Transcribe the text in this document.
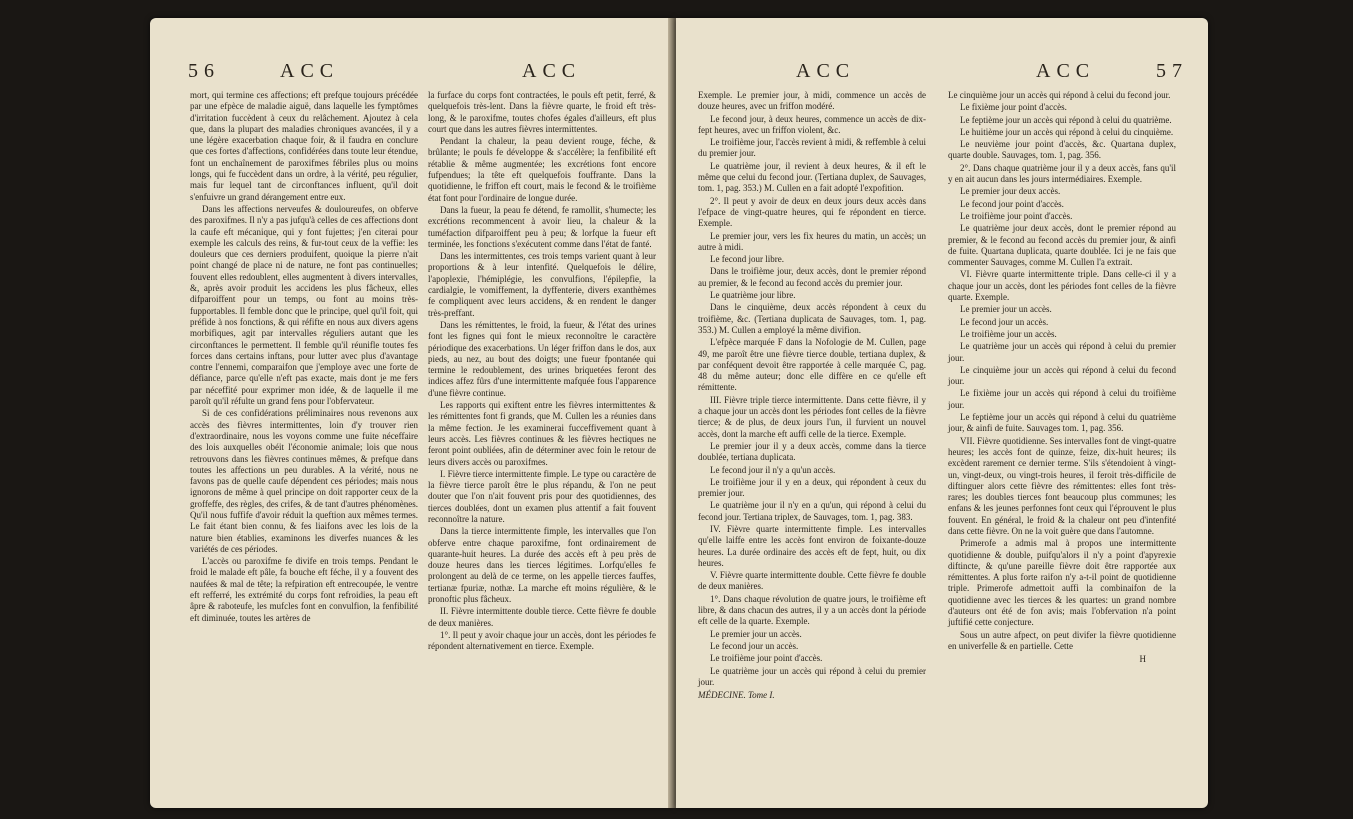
56	ACC	ACC

mort, qui termine ces affections; eft prefque toujours précédée par une efpèce de maladie aiguë, dans laquelle les fymptômes d'irritation fuccèdent à ceux du relâchement. Ajoutez à cela que, dans la plupart des maladies chroniques avancées, il y a une légère exacerbation chaque foir, & il faudra en conclure que ces fortes d'affections, confidérées dans toute leur étendue, font un enchaînement de paroxifmes fébriles plus ou moins longs, qui fe fuccèdent dans un ordre, à la vérité, peu régulier, mais fur lequel tant de circonftances influent, qu'il doit s'enfuivre un grand dérangement entre eux.

Dans les affections nerveufes & douloureufes, on obferve des paroxifmes. Il n'y a pas jufqu'à celles de ces affections dont la caufe eft mécanique, qui y font fujettes; j'en citerai pour exemple les calculs des reins, & fur-tout ceux de la veffie: les douleurs que ces derniers produifent, quoique la pierre n'ait point changé de place ni de nature, ne font pas continuelles; fouvent elles redoublent, elles augmentent à divers intervalles, &, après avoir produit les accidens les plus fâcheux, elles difparoiffent pour un temps, ou font au moins très-fupportables. Il femble donc que le principe, quel qu'il foit, qui préfide à nos fonctions, & qui réfifte en nous aux divers agens morbifiques, agit par intervalles réguliers autant que les circonftances le permettent. Il femble qu'il réunifle toutes fes forces dans certains inftans, pour lutter avec plus d'avantage contre l'ennemi, comparaifon que j'employe avec une forte de défiance, parce qu'elle n'eft pas exacte, mais dont je me fers par néceffité pour exprimer mon idée, & de laquelle il me paroît qu'il réfulte un grand fens pour l'obfervateur.

Si de ces confidérations préliminaires nous revenons aux accès des fièvres intermittentes, loin d'y trouver rien d'extraordinaire, nous les voyons comme une fuite néceffaire des lois auxquelles obéit l'économie animale; lois que nous retrouvons dans les fièvres continues mêmes, & prefque dans toutes les affections un peu durables. A la vérité, nous ne favons pas de quelle caufe dépendent ces périodes; mais nous ignorons de même à quel principe on doit rapporter ceux de la groffeffe, des règles, des crifes, & de tant d'autres phénomènes. Qu'il nous fuffife d'avoir réduit la queftion aux mêmes termes. Le fait étant bien connu, & fes liaifons avec les lois de la nature bien établies, examinons les diverfes nuances & les variétés de ces périodes.

L'accès ou paroxifme fe divife en trois temps. Pendant le froid le malade eft pâle, fa bouche eft féche, il y a fouvent des naufées & mal de tête; la refpiration eft entrecoupée, le ventre eft refferré, les extrémité du corps font refroidies, la peau eft âpre & raboteufe, les mufcles font en convulfion, la fenfibilité eft diminuée, toutes les artères de

la furface du corps font contractées, le pouls eft petit, ferré, & quelquefois très-lent. Dans la fièvre quarte, le froid eft très-long, & le paroxifme, toutes chofes égales d'ailleurs, eft plus court que dans les autres fièvres intermittentes.

Pendant la chaleur, la peau devient rouge, féche, & brûlante; le pouls fe développe & s'accélère; la fenfibilité eft rétablie & même augmentée; les excrétions font encore fufpendues; la tête eft quelquefois fouffrante. Dans la quotidienne, le friffon eft court, mais le fecond & le troifième état font pour l'ordinaire de longue durée.

Dans la fueur, la peau fe détend, fe ramollit, s'humecte; les excrétions recommencent à avoir lieu, la chaleur & la tuméfaction difparoiffent peu à peu; & lorfque la fueur eft terminée, les fonctions s'exécutent comme dans l'état de fanté.

Dans les intermittentes, ces trois temps varient quant à leur proportions & à leur intenfité. Quelquefois le délire, l'apoplexie, l'hémiplégie, les convulfions, l'épilepfie, la cardialgie, le vomiffement, la dyffenterie, divers exanthèmes fe compliquent avec leurs accidens, & en rendent le danger très-preffant.

Dans les rémittentes, le froid, la fueur, & l'état des urines font les fignes qui font le mieux reconnoître le caractère périodique des exacerbations. Un léger friffon dans le dos, aux pieds, au nez, au bout des doigts; une fueur fpontanée qui termine le redoublement, des urines briquetées feront des indices affez fûrs d'une intermittente mafquée fous l'apparence d'une fièvre continue.

Les rapports qui exiftent entre les fièvres intermittentes & les rémittentes font fi grands, que M. Cullen les a réunies dans la même fection. Je les examinerai fucceffivement quant à leurs accès. Les fièvres continues & les fièvres hectiques ne feront point oubliées, afin de déterminer avec foin le retour de leurs divers accès ou paroxifmes.

I. Fièvre tierce intermittente fimple. Le type ou caractère de la fièvre tierce paroît être le plus répandu, & l'on ne peut douter que l'on n'ait fouvent pris pour des quotidiennes, des tierces doublées, dont un examen plus attentif a fait fouvent reconnoître la nature.

Dans la tierce intermittente fimple, les intervalles que l'on obferve entre chaque paroxifme, font ordinairement de quarante-huit heures. La durée des accès eft à peu près de douze heures dans les tierces légitimes. Lorfqu'elles fe prolongent au delà de ce terme, on les appelle tierces fauffes, tertianæ fpuriæ, nothæ. La marche eft moins régulière, & le pronoftic plus fâcheux.

II. Fièvre intermittente double tierce. Cette fièvre fe double de deux manières.

1°. Il peut y avoir chaque jour un accès, dont les périodes fe répondent alternativement en tierce. Exemple.

ACC	ACC	57

Exemple. Le premier jour, à midi, commence un accès de douze heures, avec un friffon modéré.

Le fecond jour, à deux heures, commence un accès de dix-fept heures, avec un friffon violent, &c.

Le troifième jour, l'accès revient à midi, & reffemble à celui du premier jour.

Le quatrième jour, il revient à deux heures, & il eft le même que celui du fecond jour. (Tertiana duplex, de Sauvages, tom. 1, pag. 353.) M. Cullen en a fait adopté l'expofition.

2°. Il peut y avoir de deux en deux jours deux accès dans l'efpace de vingt-quatre heures, qui fe répondent en tierce. Exemple.

Le premier jour, vers les fix heures du matin, un accès; un autre à midi.

Le fecond jour libre.

Dans le troifième jour, deux accès, dont le premier répond au premier, & le fecond au fecond accès du premier jour.

Le quatrième jour libre.

Dans le cinquième, deux accès répondent à ceux du troifième, &c. (Tertiana duplicata de Sauvages, tom. 1, pag. 353.) M. Cullen a employé la même divifion.

L'efpèce marquée F dans la Nofologie de M. Cullen, page 49, me paroît être une fièvre tierce double, tertiana duplex, & par conféquent devoit être rapportée à celle marquée C, pag. 48 du même auteur; donc elle diffère en ce qu'elle eft rémittente.

III. Fièvre triple tierce intermittente. Dans cette fièvre, il y a chaque jour un accès dont les périodes font celles de la fièvre tierce; & de plus, de deux jours l'un, il furvient un nouvel accès, dont la marche eft auffi celle de la tierce. Exemple.

Le premier jour il y a deux accès, comme dans la tierce doublée, tertiana duplicata.

Le fecond jour il n'y a qu'un accès.

Le troifième jour il y en a deux, qui répondent à ceux du premier jour.

Le quatrième jour il n'y en a qu'un, qui répond à celui du fecond jour. Tertiana triplex, de Sauvages, tom. 1, pag. 383.

IV. Fièvre quarte intermittente fimple. Les intervalles qu'elle laiffe entre les accès font environ de foixante-douze heures. La durée ordinaire des accès eft de fept, huit, ou dix heures.

V. Fièvre quarte intermittente double. Cette fièvre fe double de deux manières.

1°. Dans chaque révolution de quatre jours, le troifième eft libre, & dans chacun des autres, il y a un accès dont la période eft celle de la quarte. Exemple.

Le premier jour un accès.

Le fecond jour un accès.

Le troifième jour point d'accès.

Le quatrième jour un accès qui répond à celui du premier jour.

MÉDECINE. Tome I.

Le cinquième jour un accès qui répond à celui du fecond jour.

Le fixième jour point d'accès.

Le feptième jour un accès qui répond à celui du quatrième.

Le huitième jour un accès qui répond à celui du cinquième.

Le neuvième jour point d'accès, &c. Quartana duplex, quarte double. Sauvages, tom. 1, pag. 356.

2°. Dans chaque quatrième jour il y a deux accès, fans qu'il y en ait aucun dans les jours intermédiaires. Exemple.

Le premier jour deux accès.

Le fecond jour point d'accès.

Le troifième jour point d'accès.

Le quatrième jour deux accès, dont le premier répond au premier, & le fecond au fecond accès du premier jour, & ainfi de fuite. Quartana duplicata, quarte doublée. Ici je ne fais que commenter Sauvages, comme M. Cullen l'a extrait.

VI. Fièvre quarte intermittente triple. Dans celle-ci il y a chaque jour un accès, dont les périodes font celles de la fièvre quarte. Exemple.

Le premier jour un accès.

Le fecond jour un accès.

Le troifième jour un accès.

Le quatrième jour un accès qui répond à celui du premier jour.

Le cinquième jour un accès qui répond à celui du fecond jour.

Le fixième jour un accès qui répond à celui du troifième jour.

Le feptième jour un accès qui répond à celui du quatrième jour, & ainfi de fuite. Sauvages tom. 1, pag. 356.

VII. Fièvre quotidienne. Ses intervalles font de vingt-quatre heures; les accès font de quinze, feize, dix-huit heures; ils excèdent rarement ce dernier terme. S'ils s'étendoient à vingt-un, vingt-deux, ou vingt-trois heures, il feroit très-difficile de diftinguer alors cette fièvre des rémittentes: elles font très-rares; les doubles tierces font beaucoup plus communes; les enfans & les jeunes perfonnes font ceux qui l'éprouvent le plus fouvent. En général, le froid & la chaleur ont peu d'intenfité dans cette fièvre. On ne la voit guère que dans l'automne.

Primerofe a admis mal à propos une intermittente quotidienne & double, puifqu'alors il n'y a point d'apyrexie diftincte, & qu'une pareille fièvre doit être rapportée aux rémittentes. A plus forte raifon n'y a-t-il point de quotidienne triple. Primerofe admettoit auffi la combinaifon de la quotidienne avec les tierces & les quartes: un grand nombre d'auteurs ont été de fon avis; mais l'obfervation n'a point juftifié cette conjecture.

Sous un autre afpect, on peut divifer la fièvre quotidienne en univerfelle & en partielle. Cette

H
